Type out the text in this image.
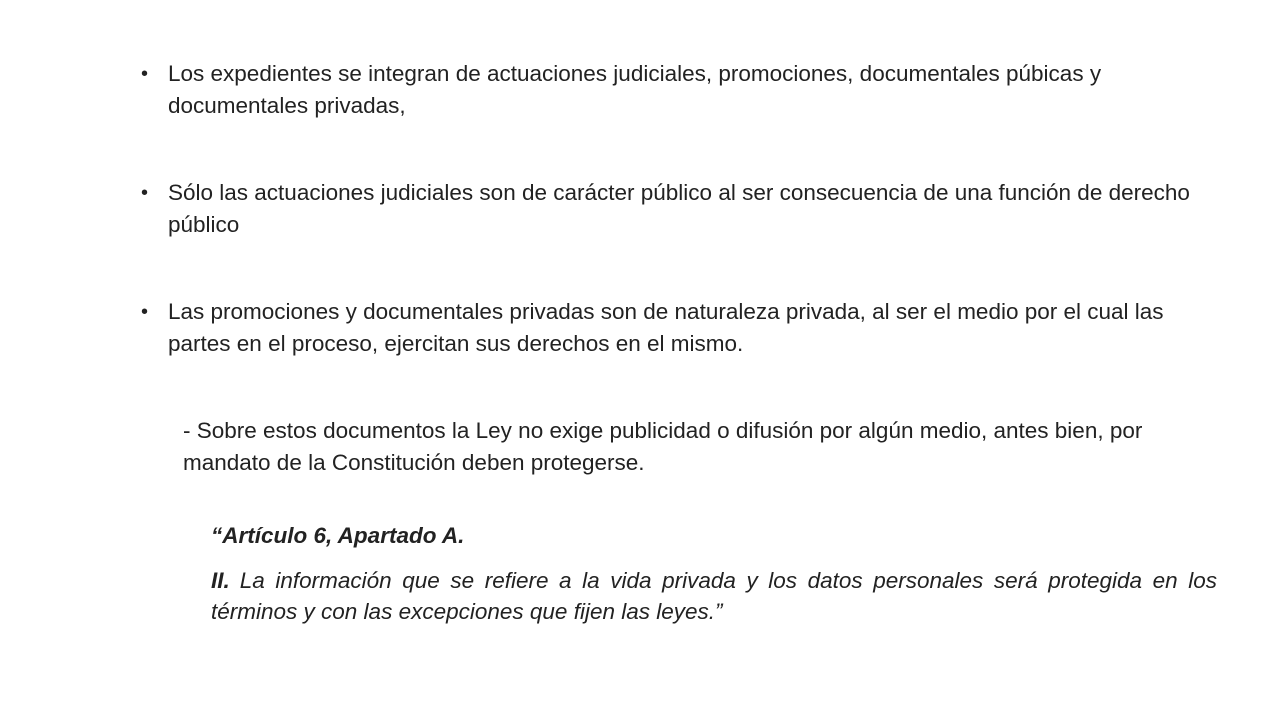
• Los expedientes se integran de actuaciones judiciales, promociones, documentales púbicas y documentales privadas,
• Sólo las actuaciones judiciales son de carácter público al ser consecuencia de una función de derecho público
• Las promociones y documentales privadas son de naturaleza privada, al ser el medio por el cual las partes en el proceso, ejercitan sus derechos en el mismo.
- Sobre estos documentos la Ley no exige publicidad o difusión por algún medio, antes bien, por mandato de la Constitución deben protegerse.
“Artículo 6, Apartado A.
II. La información que se refiere a la vida privada y los datos personales será protegida en los términos y con las excepciones que fijen las leyes.”
